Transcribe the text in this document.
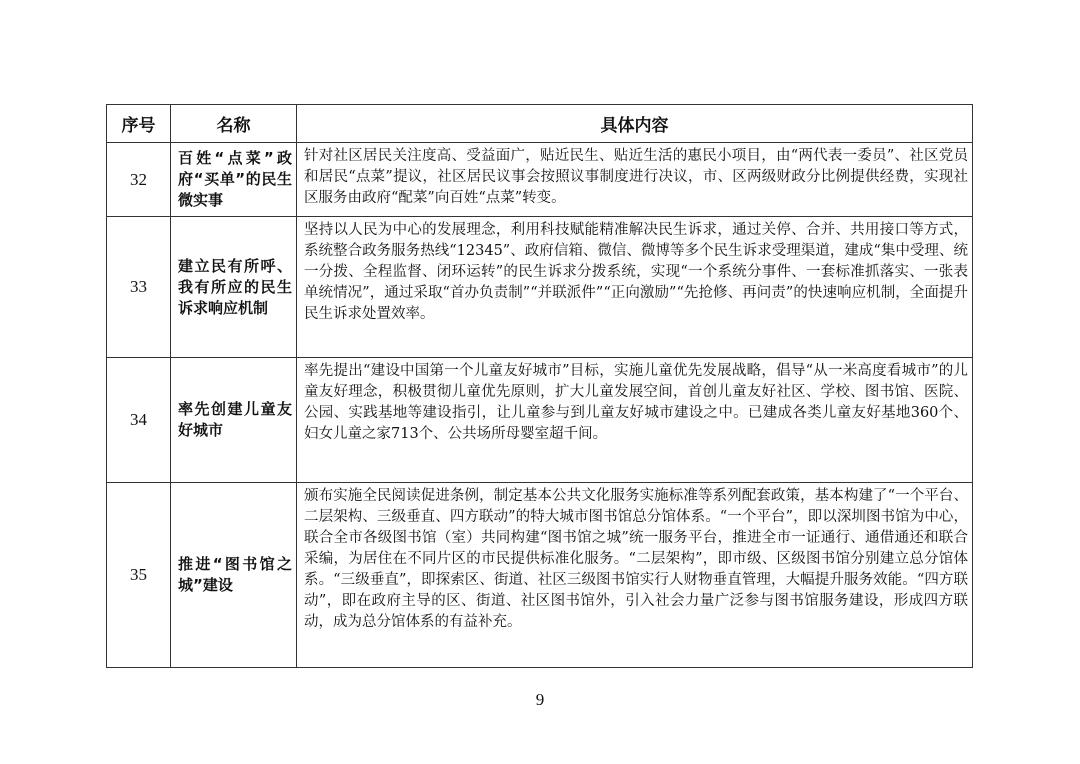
序号	名称	具体内容
32	百姓“点菜”政府“买单”的民生微实事	针对社区居民关注度高、受益面广，贴近民生、贴近生活的惠民小项目，由“两代表一委员”、社区党员和居民“点菜”提议，社区居民议事会按照议事制度进行决议，市、区两级财政分比例提供经费，实现社区服务由政府“配菜”向百姓“点菜”转变。

33	建立民有所呼、我有所应的民生诉求响应机制	坚持以人民为中心的发展理念，利用科技赋能精准解决民生诉求，通过关停、合并、共用接口等方式，系统整合政务服务热线“12345”、政府信箱、微信、微博等多个民生诉求受理渠道，建成“集中受理、统一分拨、全程监督、闭环运转”的民生诉求分拨系统，实现“一个系统分事件、一套标准抓落实、一张表单统情况”，通过采取“首办负责制”“并联派件”“正向激励”“先抢修、再问责”的快速响应机制，全面提升民生诉求处置效率。

34	率先创建儿童友好城市	率先提出“建设中国第一个儿童友好城市”目标，实施儿童优先发展战略，倡导“从一米高度看城市”的儿童友好理念，积极贯彻儿童优先原则，扩大儿童发展空间，首创儿童友好社区、学校、图书馆、医院、公园、实践基地等建设指引，让儿童参与到儿童友好城市建设之中。已建成各类儿童友好基地360个、妇女儿童之家713个、公共场所母婴室超千间。

35	推进“图书馆之城”建设	颁布实施全民阅读促进条例，制定基本公共文化服务实施标准等系列配套政策，基本构建了“一个平台、二层架构、三级垂直、四方联动”的特大城市图书馆总分馆体系。“一个平台”，即以深圳图书馆为中心，联合全市各级图书馆（室）共同构建“图书馆之城”统一服务平台，推进全市一证通行、通借通还和联合采编，为居住在不同片区的市民提供标准化服务。“二层架构”，即市级、区级图书馆分别建立总分馆体系。“三级垂直”，即探索区、街道、社区三级图书馆实行人财物垂直管理，大幅提升服务效能。“四方联动”，即在政府主导的区、街道、社区图书馆外，引入社会力量广泛参与图书馆服务建设，形成四方联动，成为总分馆体系的有益补充。
9
